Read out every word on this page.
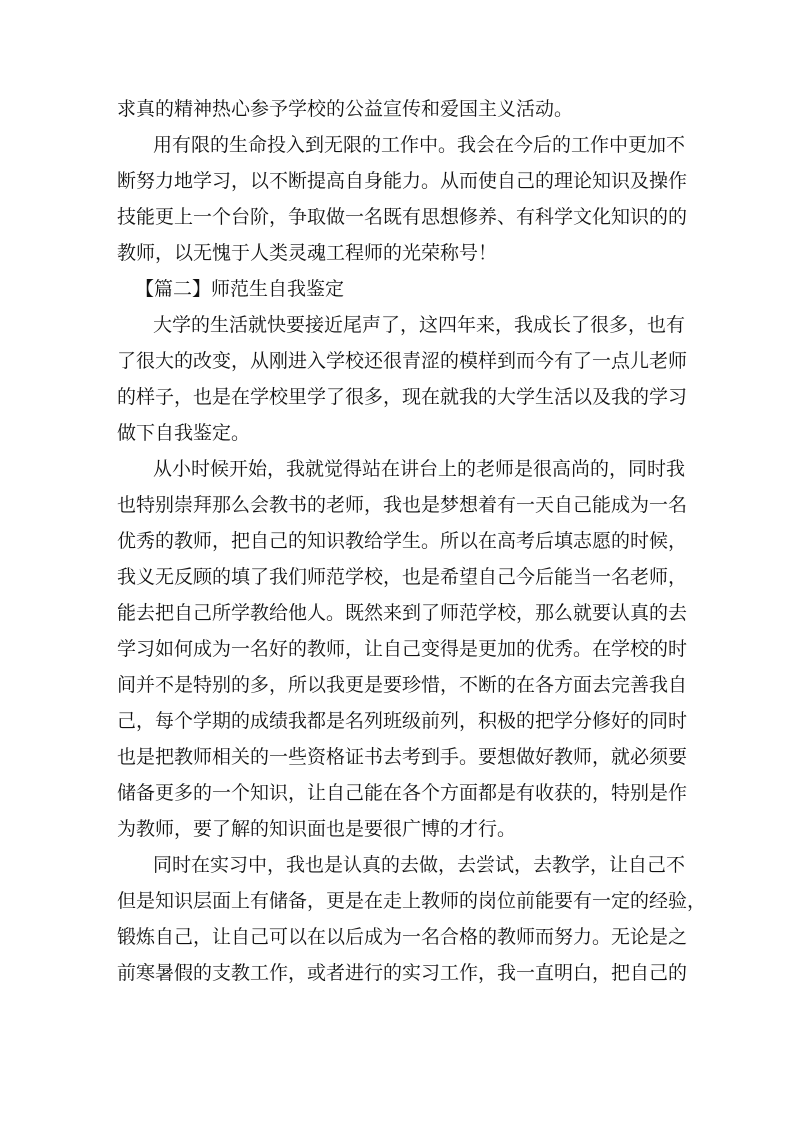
求真的精神热心参予学校的公益宣传和爱国主义活动。
用有限的生命投入到无限的工作中。我会在今后的工作中更加不
断努力地学习，以不断提高自身能力。从而使自己的理论知识及操作
技能更上一个台阶，争取做一名既有思想修养、有科学文化知识的的
教师，以无愧于人类灵魂工程师的光荣称号！
【篇二】师范生自我鉴定
大学的生活就快要接近尾声了，这四年来，我成长了很多，也有
了很大的改变，从刚进入学校还很青涩的模样到而今有了一点儿老师
的样子，也是在学校里学了很多，现在就我的大学生活以及我的学习
做下自我鉴定。
从小时候开始，我就觉得站在讲台上的老师是很高尚的，同时我
也特别崇拜那么会教书的老师，我也是梦想着有一天自己能成为一名
优秀的教师，把自己的知识教给学生。所以在高考后填志愿的时候，
我义无反顾的填了我们师范学校，也是希望自己今后能当一名老师，
能去把自己所学教给他人。既然来到了师范学校，那么就要认真的去
学习如何成为一名好的教师，让自己变得是更加的优秀。在学校的时
间并不是特别的多，所以我更是要珍惜，不断的在各方面去完善我自
己，每个学期的成绩我都是名列班级前列，积极的把学分修好的同时
也是把教师相关的一些资格证书去考到手。要想做好教师，就必须要
储备更多的一个知识，让自己能在各个方面都是有收获的，特别是作
为教师，要了解的知识面也是要很广博的才行。
同时在实习中，我也是认真的去做，去尝试，去教学，让自己不
但是知识层面上有储备，更是在走上教师的岗位前能要有一定的经验，
锻炼自己，让自己可以在以后成为一名合格的教师而努力。无论是之
前寒暑假的支教工作，或者进行的实习工作，我一直明白，把自己的
